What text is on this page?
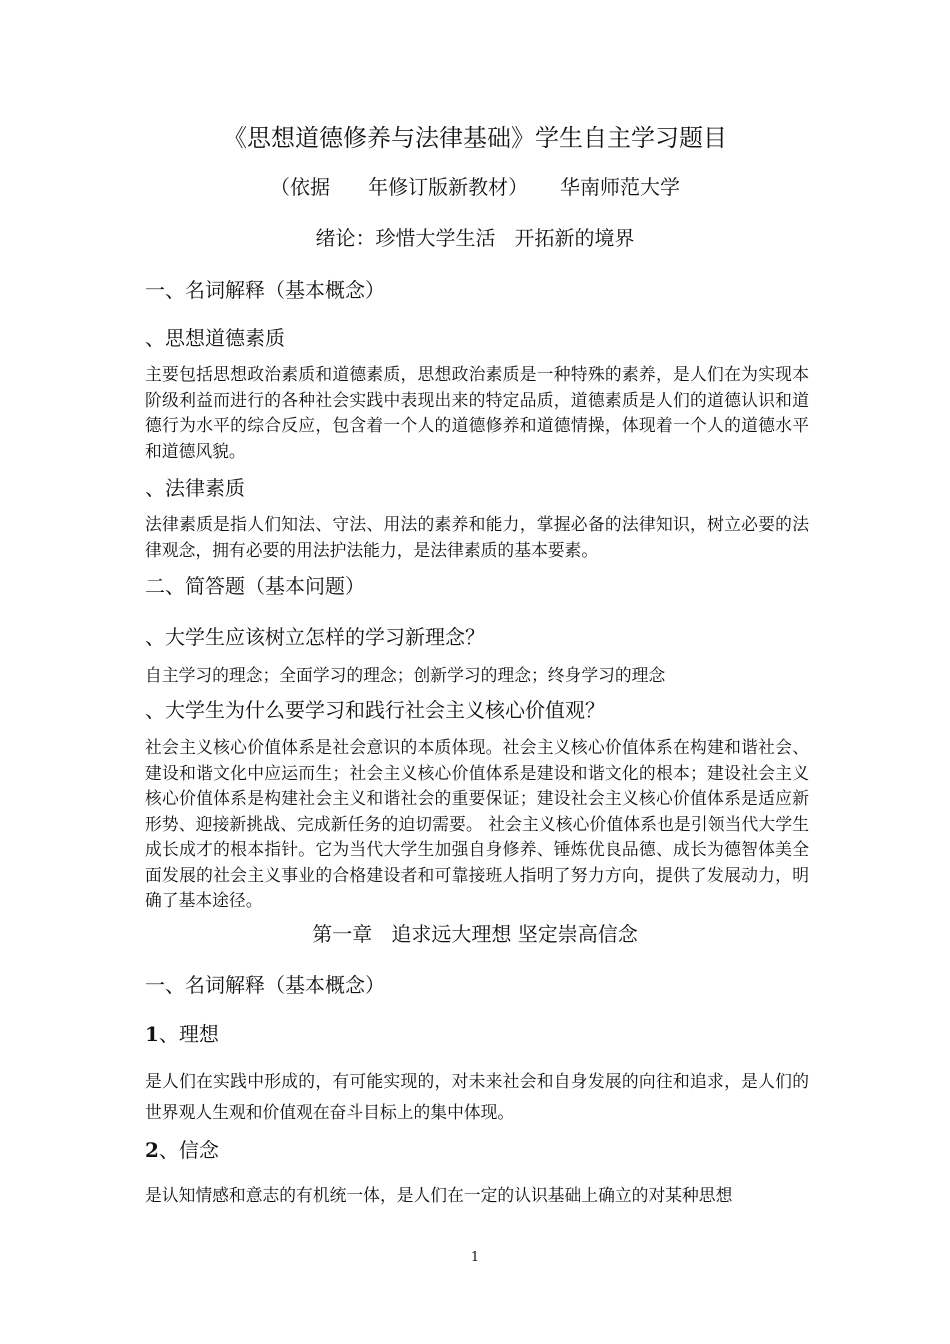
《思想道德修养与法律基础》学生自主学习题目
（依据      年修订版新教材）     华南师范大学
绪论：珍惜大学生活   开拓新的境界
一、名词解释（基本概念）
、思想道德素质
主要包括思想政治素质和道德素质，思想政治素质是一种特殊的素养，是人们在为实现本阶级利益而进行的各种社会实践中表现出来的特定品质，道德素质是人们的道德认识和道德行为水平的综合反应，包含着一个人的道德修养和道德情操，体现着一个人的道德水平和道德风貌。
、法律素质
法律素质是指人们知法、守法、用法的素养和能力，掌握必备的法律知识，树立必要的法律观念，拥有必要的用法护法能力，是法律素质的基本要素。
二、简答题（基本问题）
、大学生应该树立怎样的学习新理念？
自主学习的理念；全面学习的理念；创新学习的理念；终身学习的理念
、大学生为什么要学习和践行社会主义核心价值观？
社会主义核心价值体系是社会意识的本质体现。社会主义核心价值体系在构建和谐社会、建设和谐文化中应运而生；社会主义核心价值体系是建设和谐文化的根本；建设社会主义核心价值体系是构建社会主义和谐社会的重要保证；建设社会主义核心价值体系是适应新形势、迎接新挑战、完成新任务的迫切需要。 社会主义核心价值体系也是引领当代大学生成长成才的根本指针。它为当代大学生加强自身修养、锤炼优良品德、成长为德智体美全面发展的社会主义事业的合格建设者和可靠接班人指明了努力方向，提供了发展动力，明确了基本途径。
第一章   追求远大理想 坚定崇高信念
一、名词解释（基本概念）
1、理想
是人们在实践中形成的，有可能实现的，对未来社会和自身发展的向往和追求，是人们的世界观人生观和价值观在奋斗目标上的集中体现。
2、信念
是认知情感和意志的有机统一体，是人们在一定的认识基础上确立的对某种思想
1
